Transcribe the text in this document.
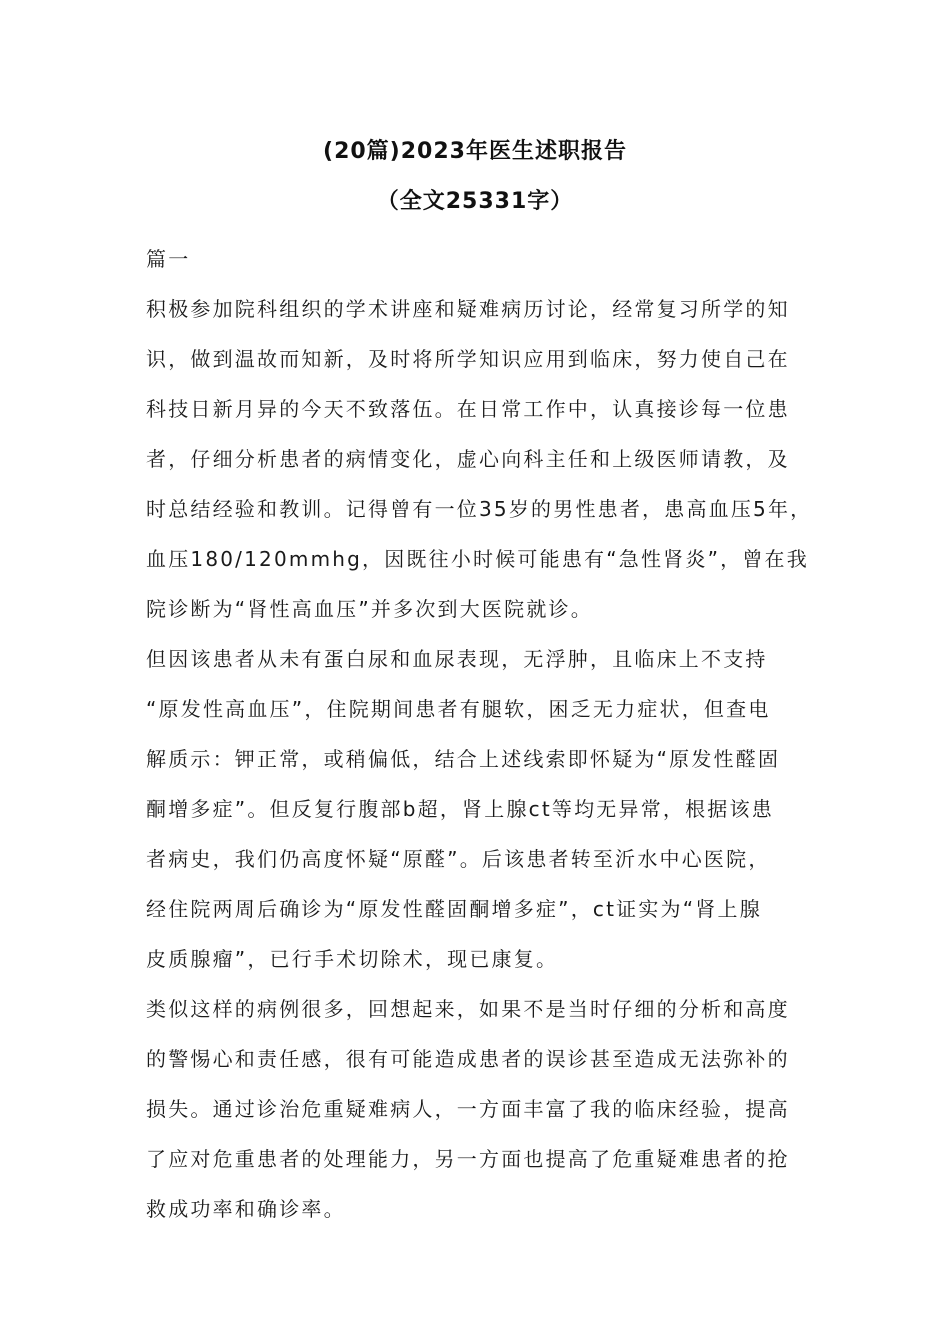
(20篇)2023年医生述职报告
（全文25331字）
篇一

积极参加院科组织的学术讲座和疑难病历讨论，经常复习所学的知
识，做到温故而知新，及时将所学知识应用到临床，努力使自己在
科技日新月异的今天不致落伍。在日常工作中，认真接诊每一位患
者，仔细分析患者的病情变化，虚心向科主任和上级医师请教，及
时总结经验和教训。记得曾有一位35岁的男性患者，患高血压5年，
血压180/120mmhg，因既往小时候可能患有“急性肾炎”，曾在我
院诊断为“肾性高血压”并多次到大医院就诊。

但因该患者从未有蛋白尿和血尿表现，无浮肿，且临床上不支持
“原发性高血压”，住院期间患者有腿软，困乏无力症状，但查电
解质示：钾正常，或稍偏低，结合上述线索即怀疑为“原发性醛固
酮增多症”。但反复行腹部b超，肾上腺ct等均无异常，根据该患
者病史，我们仍高度怀疑“原醛”。后该患者转至沂水中心医院，
经住院两周后确诊为“原发性醛固酮增多症”，ct证实为“肾上腺
皮质腺瘤”，已行手术切除术，现已康复。

类似这样的病例很多，回想起来，如果不是当时仔细的分析和高度
的警惕心和责任感，很有可能造成患者的误诊甚至造成无法弥补的
损失。通过诊治危重疑难病人，一方面丰富了我的临床经验，提高
了应对危重患者的处理能力，另一方面也提高了危重疑难患者的抢
救成功率和确诊率。
